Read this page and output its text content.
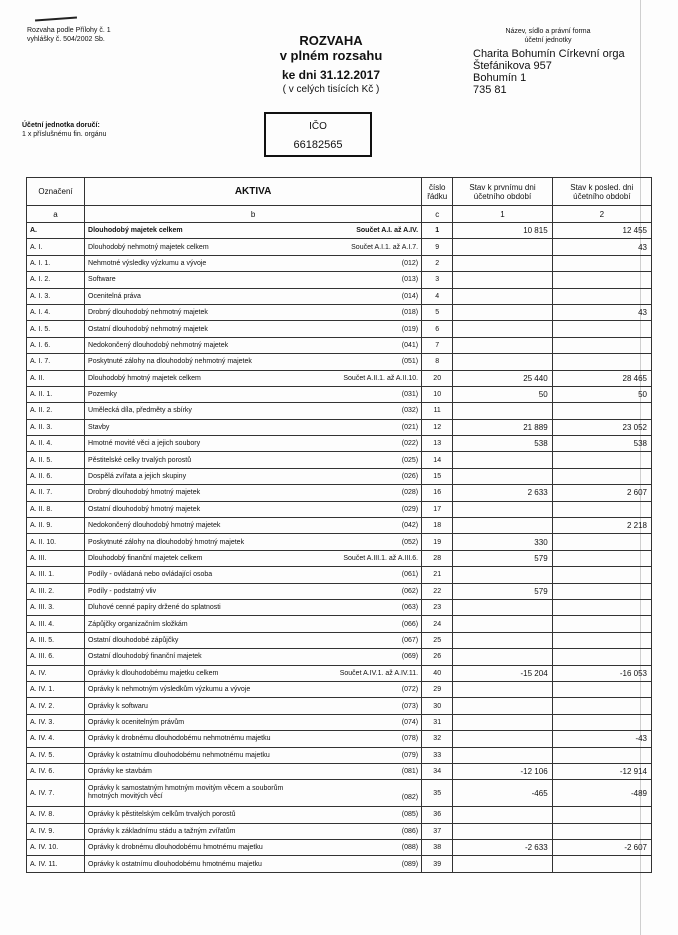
Rozvaha podle Přílohy č. 1
vyhlášky č. 504/2002 Sb.	ROZVAHA
v plném rozsahu
ke dni 31.12.2017
( v celých tisících Kč )
Název, sídlo a právní forma
účetní jednotky
Charita Bohumín Církevní orga
Štefánikova 957
Bohumín 1
735 81
Účetní jednotka doručí:
1 x příslušnému fin. orgánu
IČO
66182565
Označení	AKTIVA	číslo řádku	Stav k prvnímu dni účetního období	Stav k posled. dni účetního období
a	b	c	1	2
A.	Dlouhodobý majetek celkem Součet A.I. až A.IV.	1	10 815	12 455
A. I.	Dlouhodobý nehmotný majetek celkem Součet A.I.1. až A.I.7.	9		43
A. I. 1.	Nehmotné výsledky výzkumu a vývoje (012)	2		
A. I. 2.	Software (013)	3		
A. I. 3.	Ocenitelná práva (014)	4		
A. I. 4.	Drobný dlouhodobý nehmotný majetek (018)	5		43
A. I. 5.	Ostatní dlouhodobý nehmotný majetek (019)	6		
A. I. 6.	Nedokončený dlouhodobý nehmotný majetek (041)	7		
A. I. 7.	Poskytnuté zálohy na dlouhodobý nehmotný majetek (051)	8		
A. II.	Dlouhodobý hmotný majetek celkem Součet A.II.1. až A.II.10.	20	25 440	28 465
A. II. 1.	Pozemky (031)	10	50	50
A. II. 2.	Umělecká díla, předměty a sbírky (032)	11		
A. II. 3.	Stavby (021)	12	21 889	23 052
A. II. 4.	Hmotné movité věci a jejich soubory (022)	13	538	538
A. II. 5.	Pěstitelské celky trvalých porostů (025)	14		
A. II. 6.	Dospělá zvířata a jejich skupiny (026)	15		
A. II. 7.	Drobný dlouhodobý hmotný majetek (028)	16	2 633	2 607
A. II. 8.	Ostatní dlouhodobý hmotný majetek (029)	17		
A. II. 9.	Nedokončený dlouhodobý hmotný majetek (042)	18		2 218
A. II. 10.	Poskytnuté zálohy na dlouhodobý hmotný majetek (052)	19	330	
A. III.	Dlouhodobý finanční majetek celkem Součet A.III.1. až A.III.6.	28	579	
A. III. 1.	Podíly - ovládaná nebo ovládající osoba (061)	21		
A. III. 2.	Podíly - podstatný vliv (062)	22	579	
A. III. 3.	Dluhové cenné papíry držené do splatnosti (063)	23		
A. III. 4.	Zápůjčky organizačním složkám (066)	24		
A. III. 5.	Ostatní dlouhodobé zápůjčky (067)	25		
A. III. 6.	Ostatní dlouhodobý finanční majetek (069)	26		
A. IV.	Oprávky k dlouhodobému majetku celkem Součet A.IV.1. až A.IV.11.	40	-15 204	-16 053
A. IV. 1.	Oprávky k nehmotným výsledkům výzkumu a vývoje (072)	29		
A. IV. 2.	Oprávky k softwaru (073)	30		
A. IV. 3.	Oprávky k ocenitelným právům (074)	31		
A. IV. 4.	Oprávky k drobnému dlouhodobému nehmotnému majetku (078)	32		-43
A. IV. 5.	Oprávky k ostatnímu dlouhodobému nehmotnému majetku (079)	33		
A. IV. 6.	Oprávky ke stavbám (081)	34	-12 106	-12 914
A. IV. 7.	Oprávky k samostatným hmotným movitým věcem a souborům hmotných movitých věcí (082)	35	-465	-489
A. IV. 8.	Oprávky k pěstitelským celkům trvalých porostů (085)	36		
A. IV. 9.	Oprávky k základnímu stádu a tažným zvířatům (086)	37		
A. IV. 10.	Oprávky k drobnému dlouhodobému hmotnému majetku (088)	38	-2 633	-2 607
A. IV. 11.	Oprávky k ostatnímu dlouhodobému hmotnému majetku (089)	39		
